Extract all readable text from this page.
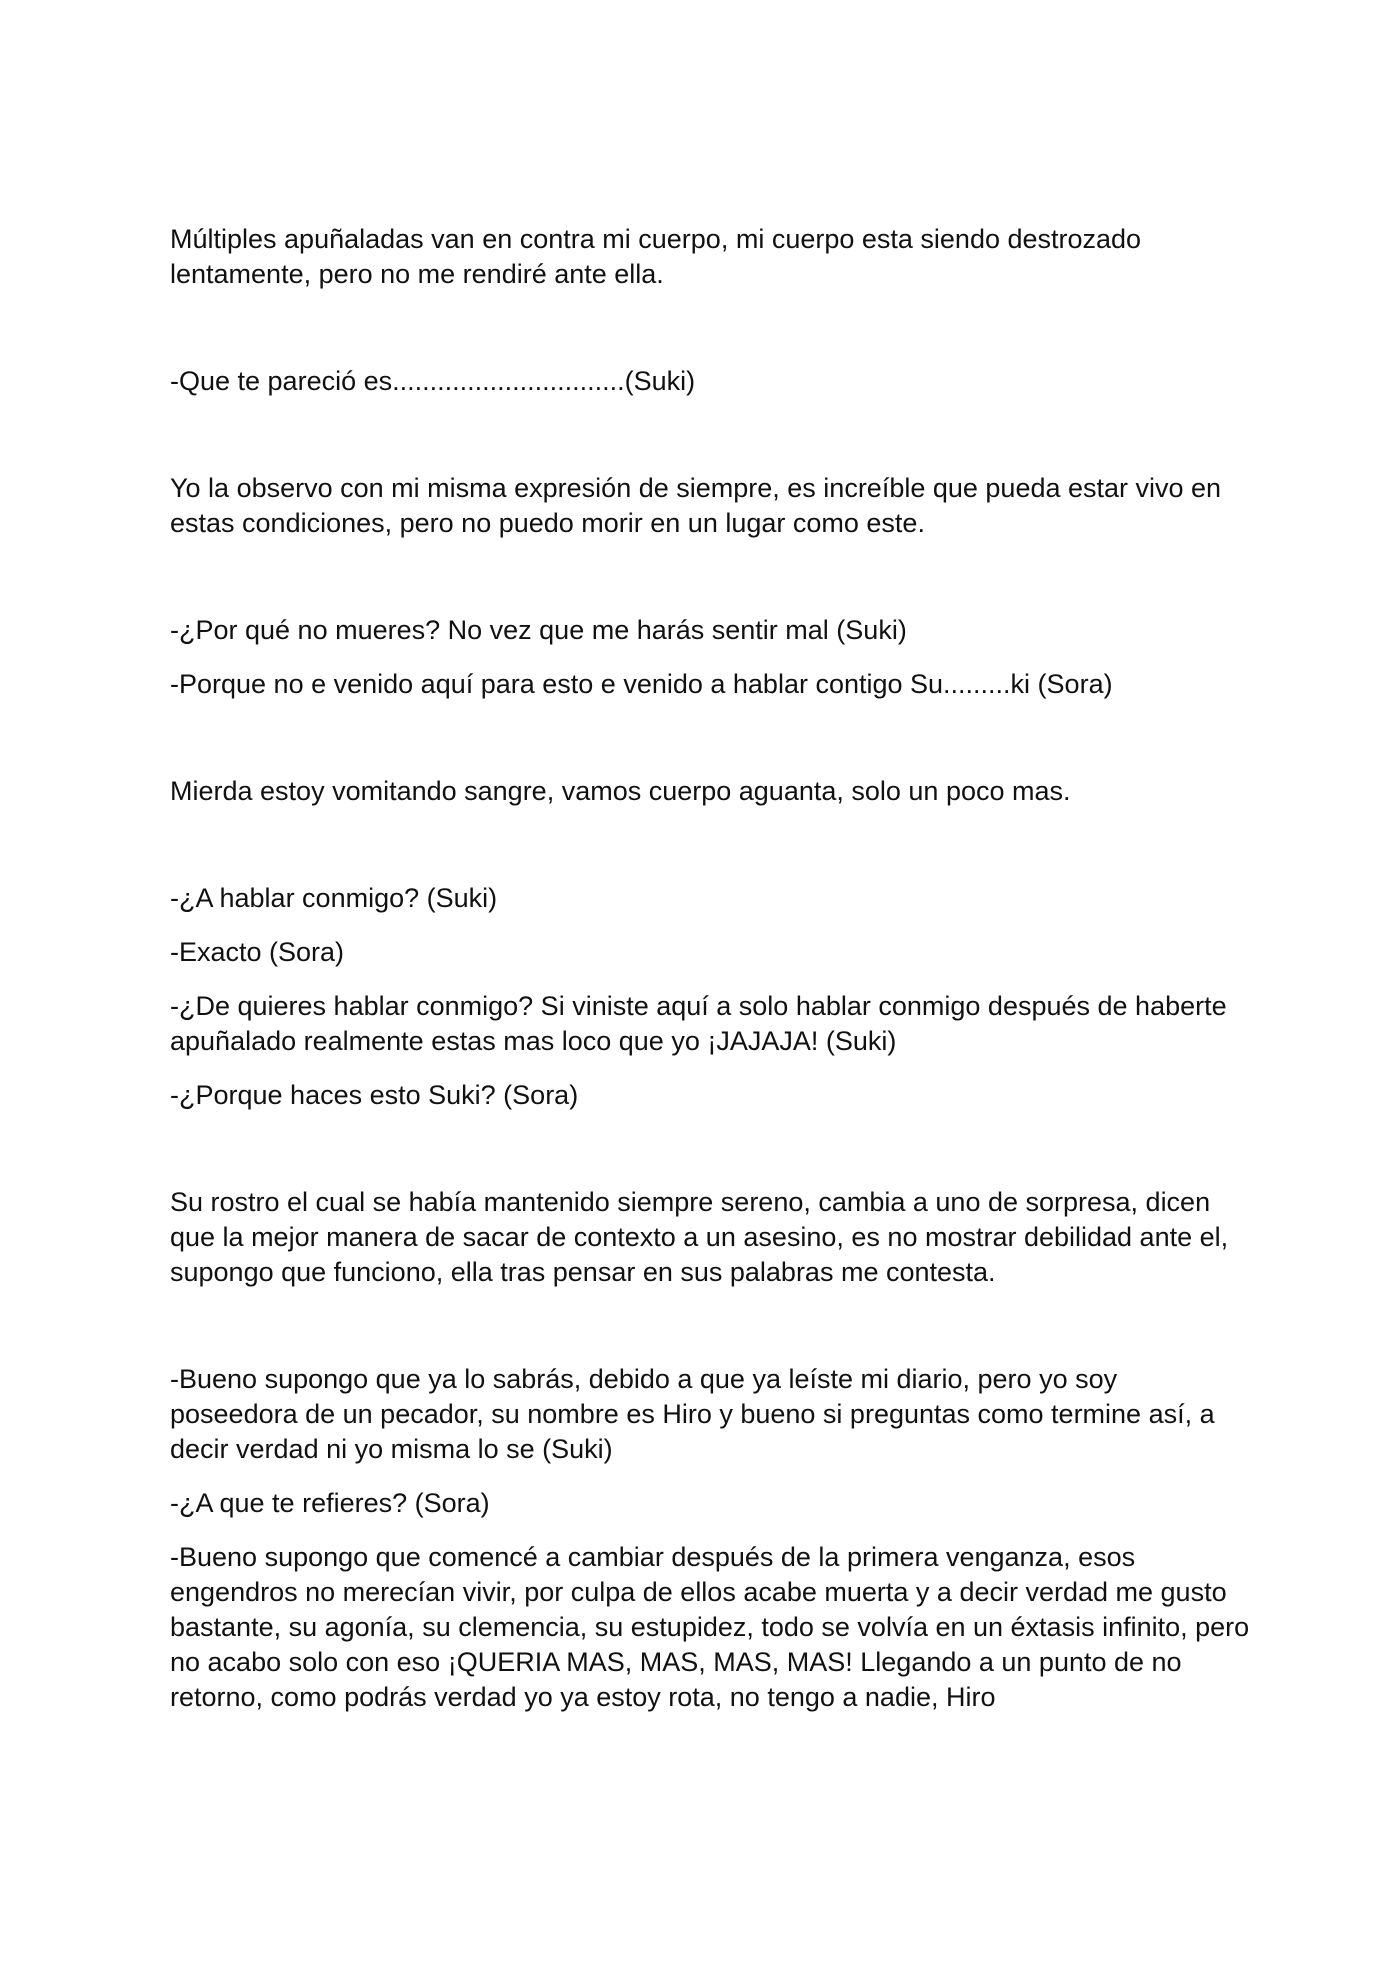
Múltiples apuñaladas van en contra mi cuerpo, mi cuerpo esta siendo destrozado lentamente, pero no me rendiré ante ella.

-Que te pareció es...............................(Suki)

Yo la observo con mi misma expresión de siempre, es increíble que pueda estar vivo en estas condiciones, pero no puedo morir en un lugar como este.

-¿Por qué no mueres? No vez que me harás sentir mal (Suki)

-Porque no e venido aquí para esto e venido a hablar contigo Su.........ki (Sora)

Mierda estoy vomitando sangre, vamos cuerpo aguanta, solo un poco mas.

-¿A hablar conmigo? (Suki)

-Exacto (Sora)

-¿De quieres hablar conmigo? Si viniste aquí a solo hablar conmigo después de haberte apuñalado realmente estas mas loco que yo ¡JAJAJA! (Suki)

-¿Porque haces esto Suki? (Sora)

Su rostro el cual se había mantenido siempre sereno, cambia a uno de sorpresa, dicen  que la mejor manera de sacar de contexto a un asesino, es no mostrar debilidad ante el, supongo que funciono, ella tras pensar en sus palabras me contesta.

-Bueno supongo que ya lo sabrás, debido a que ya leíste mi diario, pero yo soy poseedora de un pecador, su nombre es Hiro y bueno si preguntas como termine así, a decir verdad ni yo misma lo se (Suki)

-¿A que te refieres? (Sora)

-Bueno supongo que comencé a cambiar después de la primera venganza, esos engendros no merecían vivir, por culpa de ellos acabe muerta y a decir verdad me gusto bastante, su agonía, su clemencia, su estupidez, todo se volvía en un éxtasis infinito, pero no acabo solo con eso ¡QUERIA MAS, MAS, MAS, MAS! Llegando a un punto de no retorno, como podrás verdad yo ya estoy rota, no tengo a nadie, Hiro
